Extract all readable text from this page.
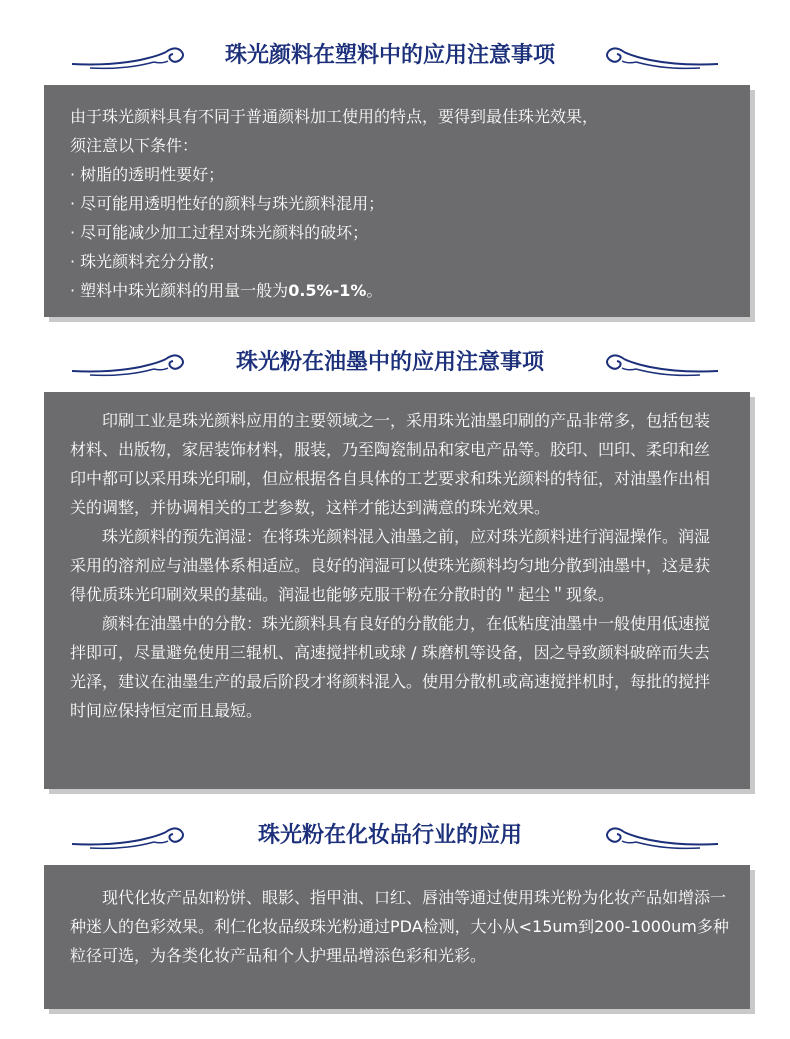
珠光颜料在塑料中的应用注意事项
由于珠光颜料具有不同于普通颜料加工使用的特点，要得到最佳珠光效果，
须注意以下条件：
· 树脂的透明性要好；
· 尽可能用透明性好的颜料与珠光颜料混用；
· 尽可能减少加工过程对珠光颜料的破坏；
· 珠光颜料充分分散；
· 塑料中珠光颜料的用量一般为0.5%-1%。
珠光粉在油墨中的应用注意事项
印刷工业是珠光颜料应用的主要领域之一，采用珠光油墨印刷的产品非常多，包括包装材料、出版物，家居装饰材料，服装，乃至陶瓷制品和家电产品等。胶印、凹印、柔印和丝印中都可以采用珠光印刷，但应根据各自具体的工艺要求和珠光颜料的特征，对油墨作出相关的调整，并协调相关的工艺参数，这样才能达到满意的珠光效果。
珠光颜料的预先润湿：在将珠光颜料混入油墨之前，应对珠光颜料进行润湿操作。润湿采用的溶剂应与油墨体系相适应。良好的润湿可以使珠光颜料均匀地分散到油墨中，这是获得优质珠光印刷效果的基础。润湿也能够克服干粉在分散时的＂起尘＂现象。
颜料在油墨中的分散：珠光颜料具有良好的分散能力，在低粘度油墨中一般使用低速搅拌即可，尽量避免使用三辊机、高速搅拌机或球 / 珠磨机等设备，因之导致颜料破碎而失去光泽，建议在油墨生产的最后阶段才将颜料混入。使用分散机或高速搅拌机时，每批的搅拌时间应保持恒定而且最短。
珠光粉在化妆品行业的应用
现代化妆产品如粉饼、眼影、指甲油、口红、唇油等通过使用珠光粉为化妆产品如增添一种迷人的色彩效果。利仁化妆品级珠光粉通过PDA检测，大小从<15um到200-1000um多种粒径可选，为各类化妆产品和个人护理品增添色彩和光彩。
